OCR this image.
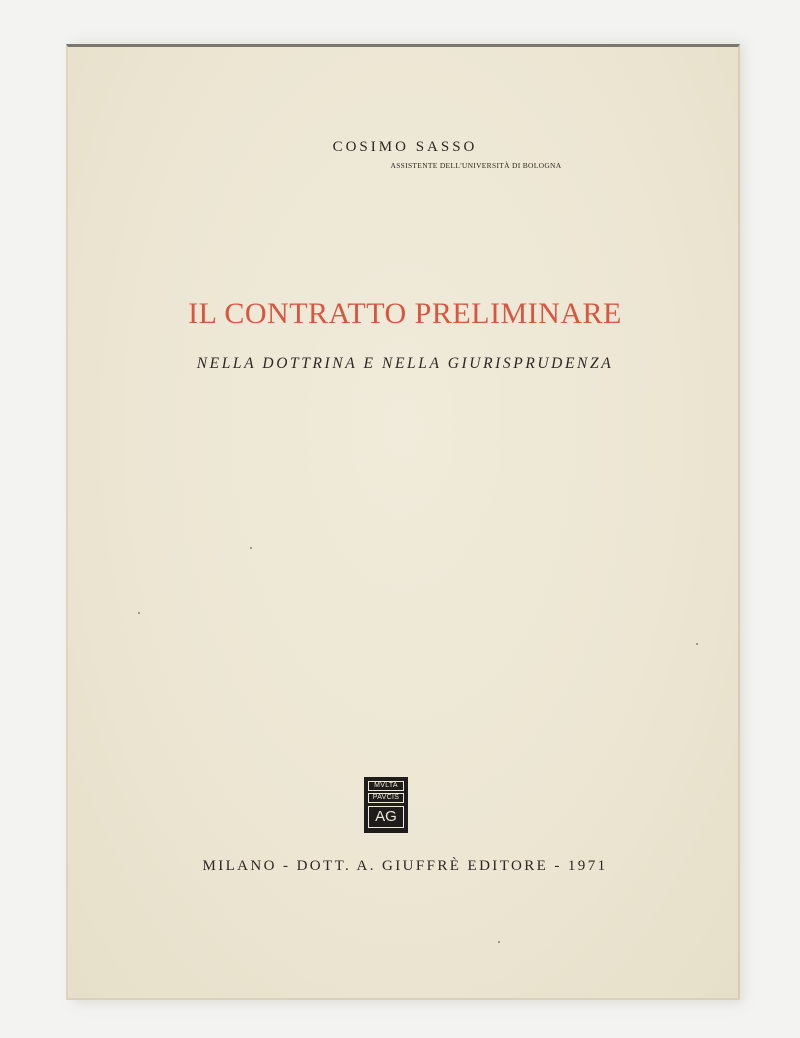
COSIMO SASSO
ASSISTENTE DELL'UNIVERSITÀ DI BOLOGNA
IL CONTRATTO PRELIMINARE
NELLA DOTTRINA E NELLA GIURISPRUDENZA
MVLTA
PAVCIS
AG
MILANO - DOTT. A. GIUFFRÈ EDITORE - 1971
